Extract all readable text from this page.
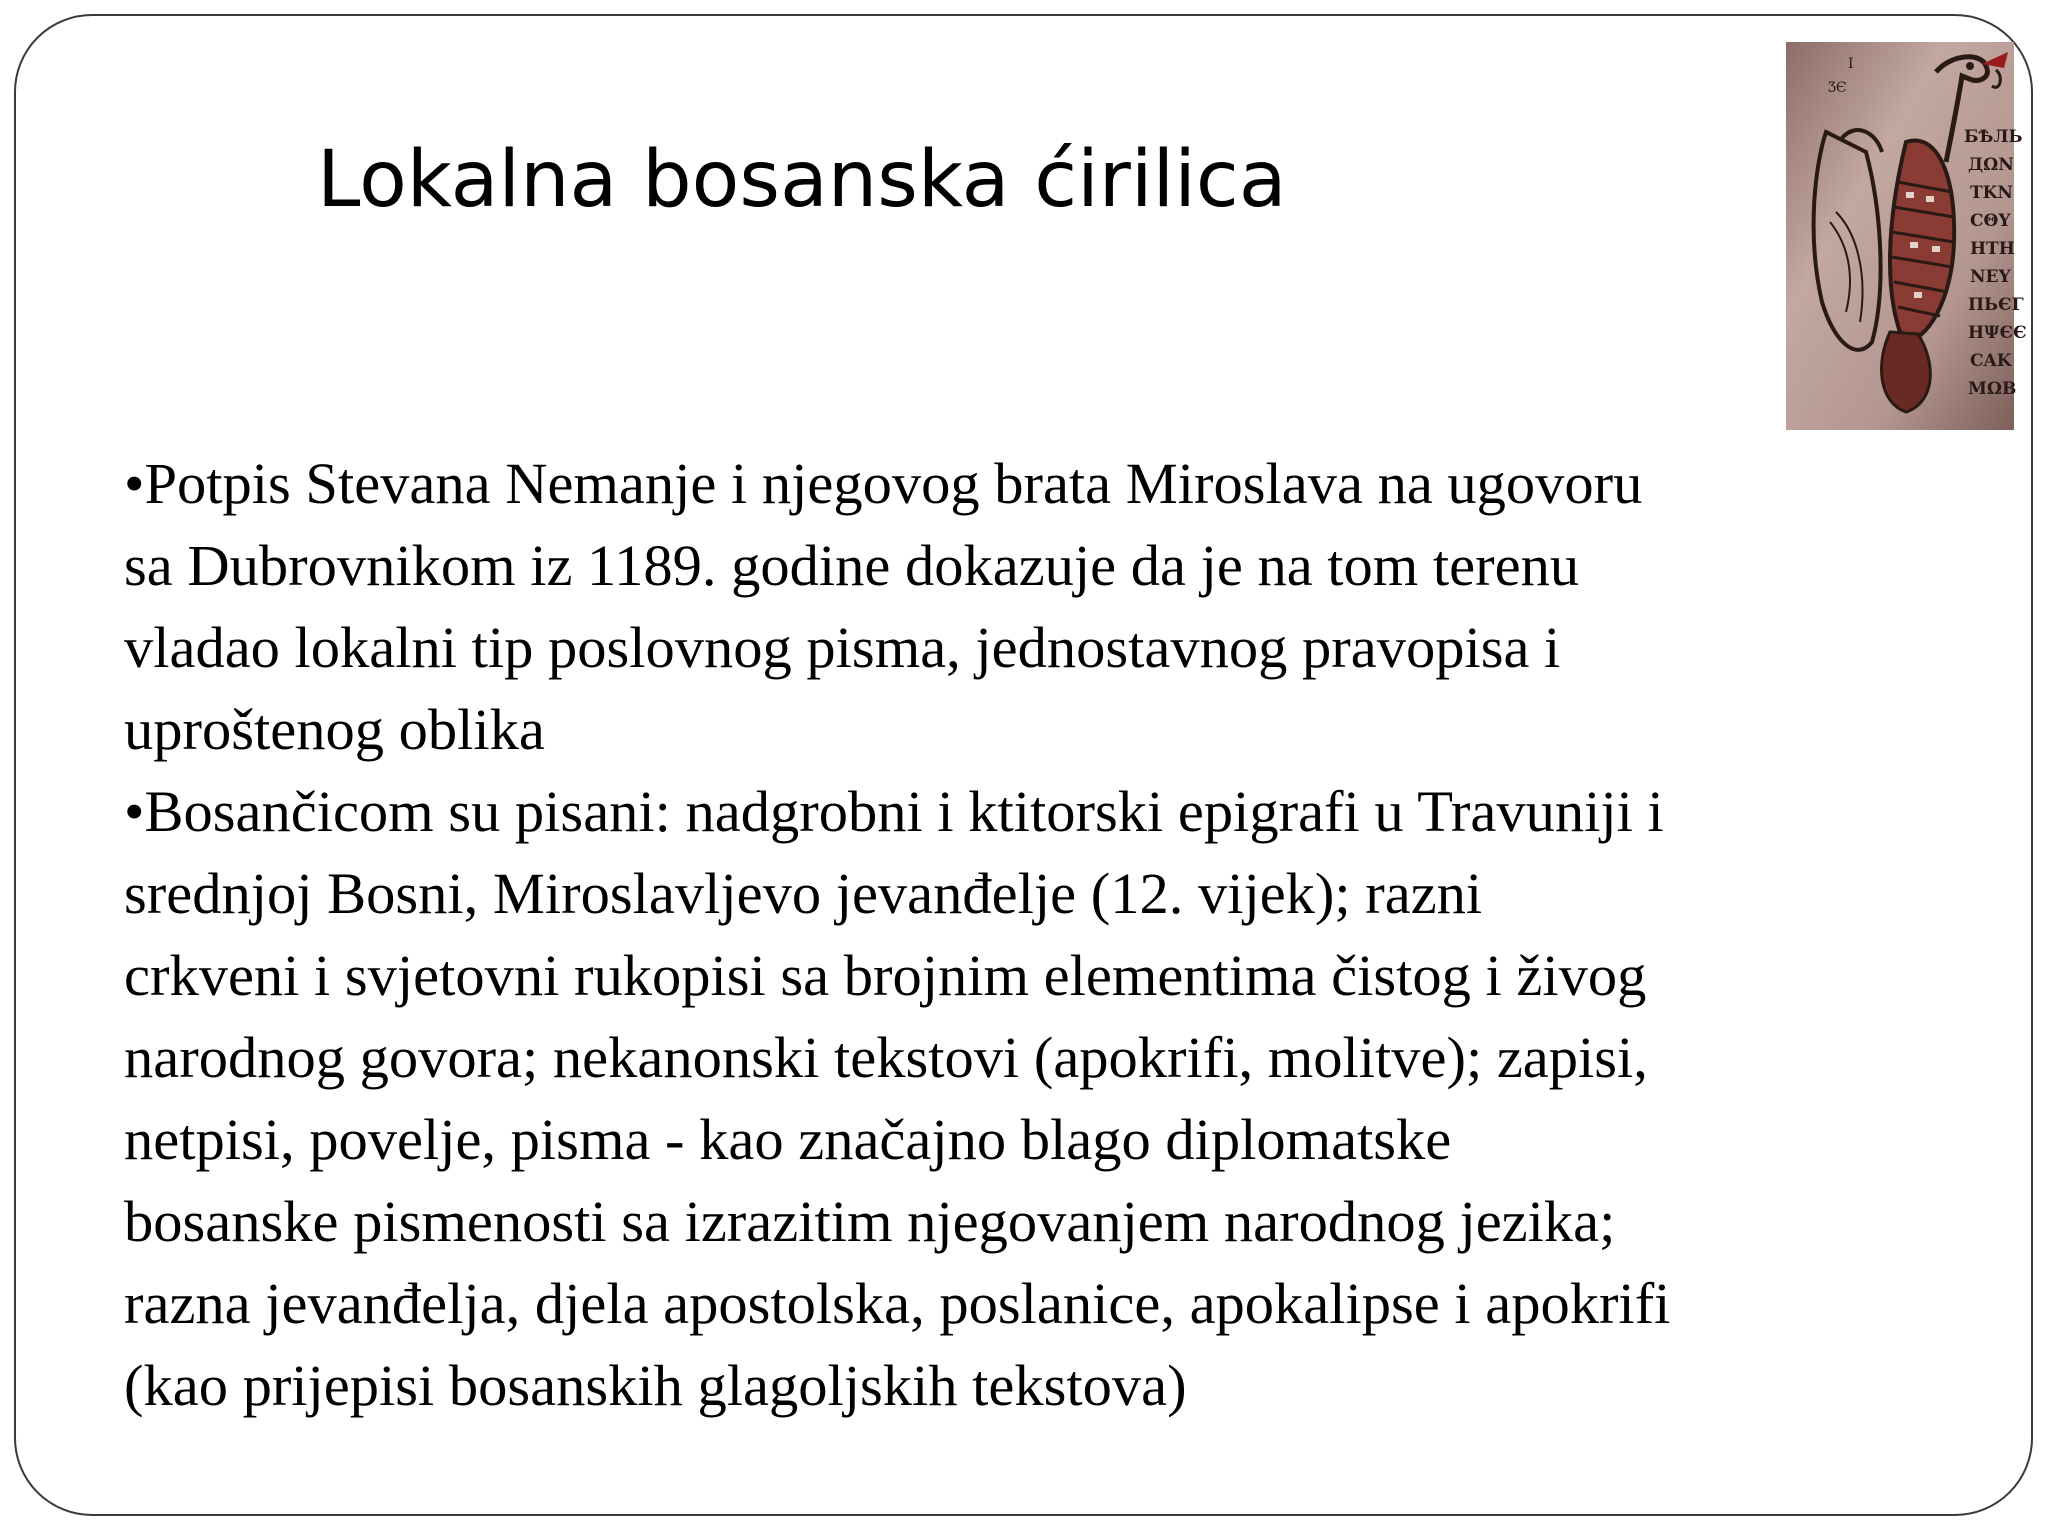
Lokalna bosanska ćirilica
I
ƷЄ
БѢЛЬ
ДΩN
ΤΚΝ
СΘΥ
ΗΤΗ
ΝΕΥ
ΠЬЄΓ
ΗΨЄЄ
СΑΚ
ΜΩΒ
•Potpis Stevana Nemanje i njegovog brata Miroslava na ugovoru
sa Dubrovnikom iz 1189. godine dokazuje da je na tom terenu
vladao lokalni tip poslovnog pisma, jednostavnog pravopisa i
uproštenog oblika
•Bosančicom su pisani: nadgrobni i ktitorski epigrafi u Travuniji i
srednjoj Bosni, Miroslavljevo jevanđelje (12. vijek); razni
crkveni i svjetovni rukopisi sa brojnim elementima čistog i živog
narodnog govora; nekanonski tekstovi (apokrifi, molitve); zapisi,
netpisi, povelje, pisma - kao značajno blago diplomatske
bosanske pismenosti sa izrazitim njegovanjem narodnog jezika;
razna jevanđelja, djela apostolska, poslanice, apokalipse i apokrifi
(kao prijepisi bosanskih glagoljskih tekstova)
